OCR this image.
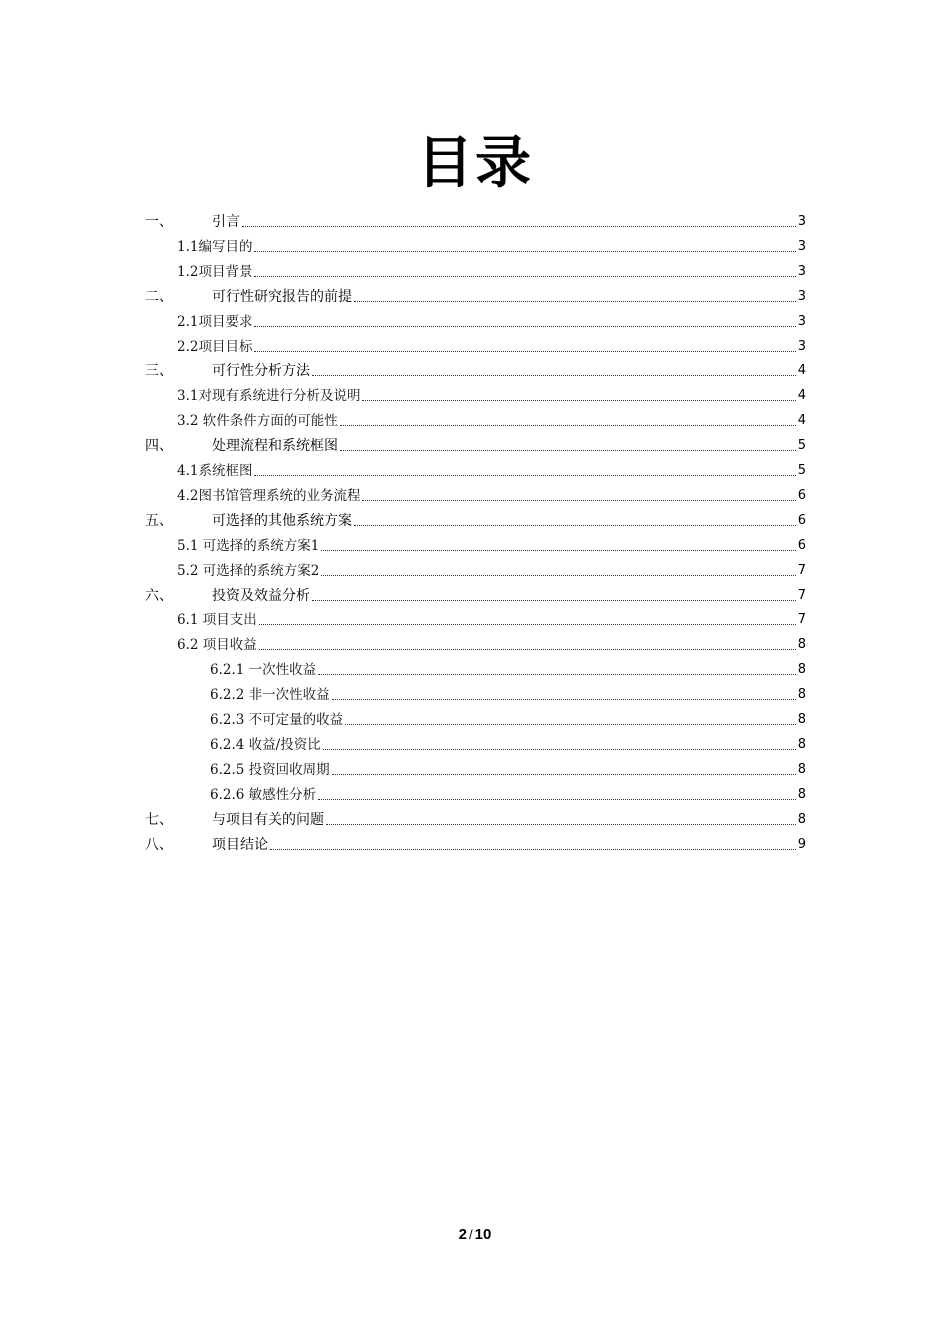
目录
一、	引言	3
1.1编写目的	3
1.2项目背景	3
二、	可行性研究报告的前提	3
2.1项目要求	3
2.2项目目标	3
三、	可行性分析方法	4
3.1对现有系统进行分析及说明	4
3.2 软件条件方面的可能性	4
四、	处理流程和系统框图	5
4.1系统框图	5
4.2图书馆管理系统的业务流程	6
五、	可选择的其他系统方案	6
5.1 可选择的系统方案1	6
5.2 可选择的系统方案2	7
六、	投资及效益分析	7
6.1 项目支出	7
6.2 项目收益	8
6.2.1 一次性收益	8
6.2.2 非一次性收益	8
6.2.3 不可定量的收益	8
6.2.4 收益/投资比	8
6.2.5 投资回收周期	8
6.2.6 敏感性分析	8
七、	与项目有关的问题	8
八、	项目结论	9
2 / 10
